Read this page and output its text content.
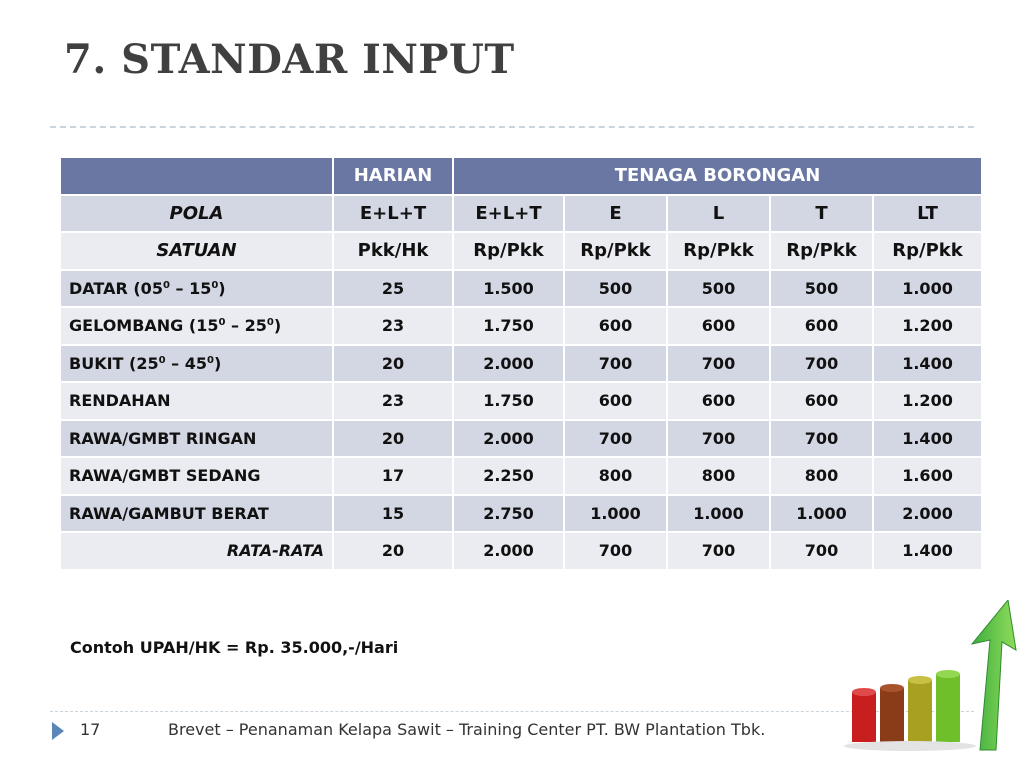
7. STANDAR INPUT
	HARIAN	TENAGA BORONGAN				
POLA	E+L+T	E+L+T	E	L	T	LT
SATUAN	Pkk/Hk	Rp/Pkk	Rp/Pkk	Rp/Pkk	Rp/Pkk	Rp/Pkk
DATAR $(05^0 - 15^0)$	25	1.500	500	500	500	1.000
GELOMBANG $(15^0 - 25^0)$	23	1.750	600	600	600	1.200
BUKIT $(25^0 - 45^0)$	20	2.000	700	700	700	1.400
RENDAHAN	23	1.750	600	600	600	1.200
RAWA/GMBT RINGAN	20	2.000	700	700	700	1.400
RAWA/GMBT SEDANG	17	2.250	800	800	800	1.600
RAWA/GAMBUT BERAT	15	2.750	1.000	1.000	1.000	2.000
RATA-RATA	20	2.000	700	700	700	1.400

Contoh UPAH/HK = Rp. 35.000,-/Hari

17	Brevet – Penanaman Kelapa Sawit – Training Center PT. BW Plantation Tbk.
